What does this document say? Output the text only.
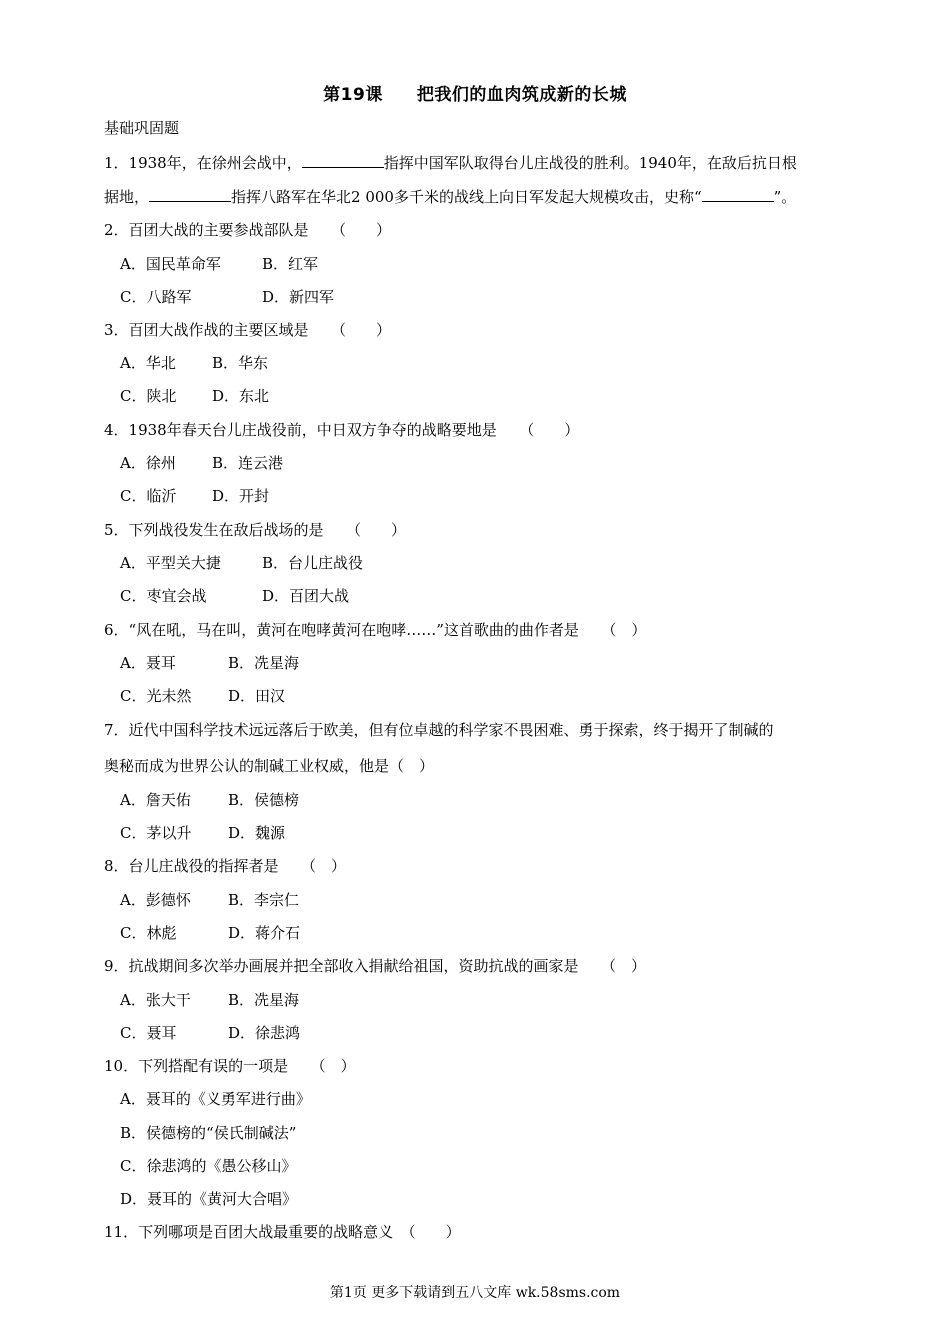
第19课 把我们的血肉筑成新的长城
基础巩固题
1．1938年，在徐州会战中，	指挥中国军队取得台儿庄战役的胜利。1940年，在敌后抗日根
据地，	指挥八路军在华北2 000多千米的战线上向日军发起大规模攻击，史称“	”。
2．百团大战的主要参战部队是　　（　　）
A．国民革命军	B．红军
C．八路军	D．新四军
3．百团大战作战的主要区域是　　（　　）
A．华北 B．华东
C．陕北 D．东北
4．1938年春天台儿庄战役前，中日双方争夺的战略要地是　　（　　）
A．徐州 B．连云港
C．临沂 D．开封
5．下列战役发生在敌后战场的是　　（　　）
A．平型关大捷	B．台儿庄战役
C．枣宜会战	D．百团大战
6．“风在吼，马在叫，黄河在咆哮黄河在咆哮……”这首歌曲的曲作者是　　（　）
A．聂耳	B．冼星海
C．光未然 D．田汉
7．近代中国科学技术远远落后于欧美，但有位卓越的科学家不畏困难、勇于探索，终于揭开了制碱的
奥秘而成为世界公认的制碱工业权威，他是（　）
A．詹天佑 B．侯德榜
C．茅以升 D．魏源
8．台儿庄战役的指挥者是　　（　）
A．彭德怀 B．李宗仁
C．林彪	D．蒋介石
9．抗战期间多次举办画展并把全部收入捐献给祖国，资助抗战的画家是　　（　）
A．张大干 B．冼星海
C．聂耳	D．徐悲鸿
10．下列搭配有误的一项是　　（　）
A．聂耳的《义勇军进行曲》
B．侯德榜的“侯氏制碱法”
C．徐悲鸿的《愚公移山》
D．聂耳的《黄河大合唱》
11．下列哪项是百团大战最重要的战略意义　（　　）
第1页 更多下载请到五八文库 wk.58sms.com
